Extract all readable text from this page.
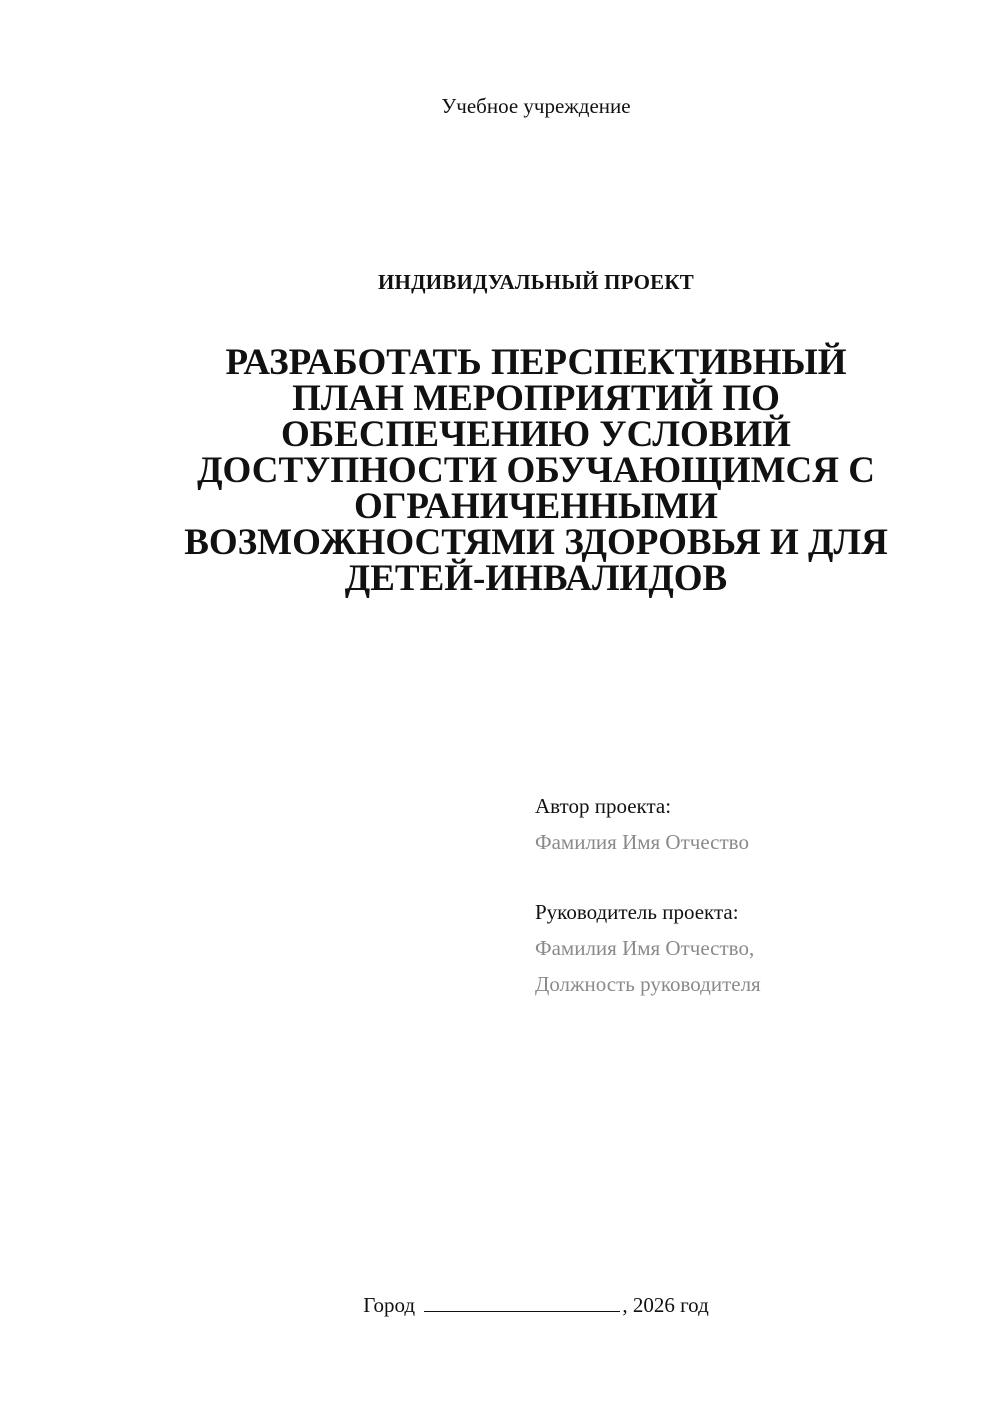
Учебное учреждение
ИНДИВИДУАЛЬНЫЙ ПРОЕКТ
РАЗРАБОТАТЬ ПЕРСПЕКТИВНЫЙ
ПЛАН МЕРОПРИЯТИЙ ПО
ОБЕСПЕЧЕНИЮ УСЛОВИЙ
ДОСТУПНОСТИ ОБУЧАЮЩИМСЯ С
ОГРАНИЧЕННЫМИ
ВОЗМОЖНОСТЯМИ ЗДОРОВЬЯ И ДЛЯ
ДЕТЕЙ-ИНВАЛИДОВ
Автор проекта:
Фамилия Имя Отчество
Руководитель проекта:
Фамилия Имя Отчество,
Должность руководителя
Город	, 2026 год
